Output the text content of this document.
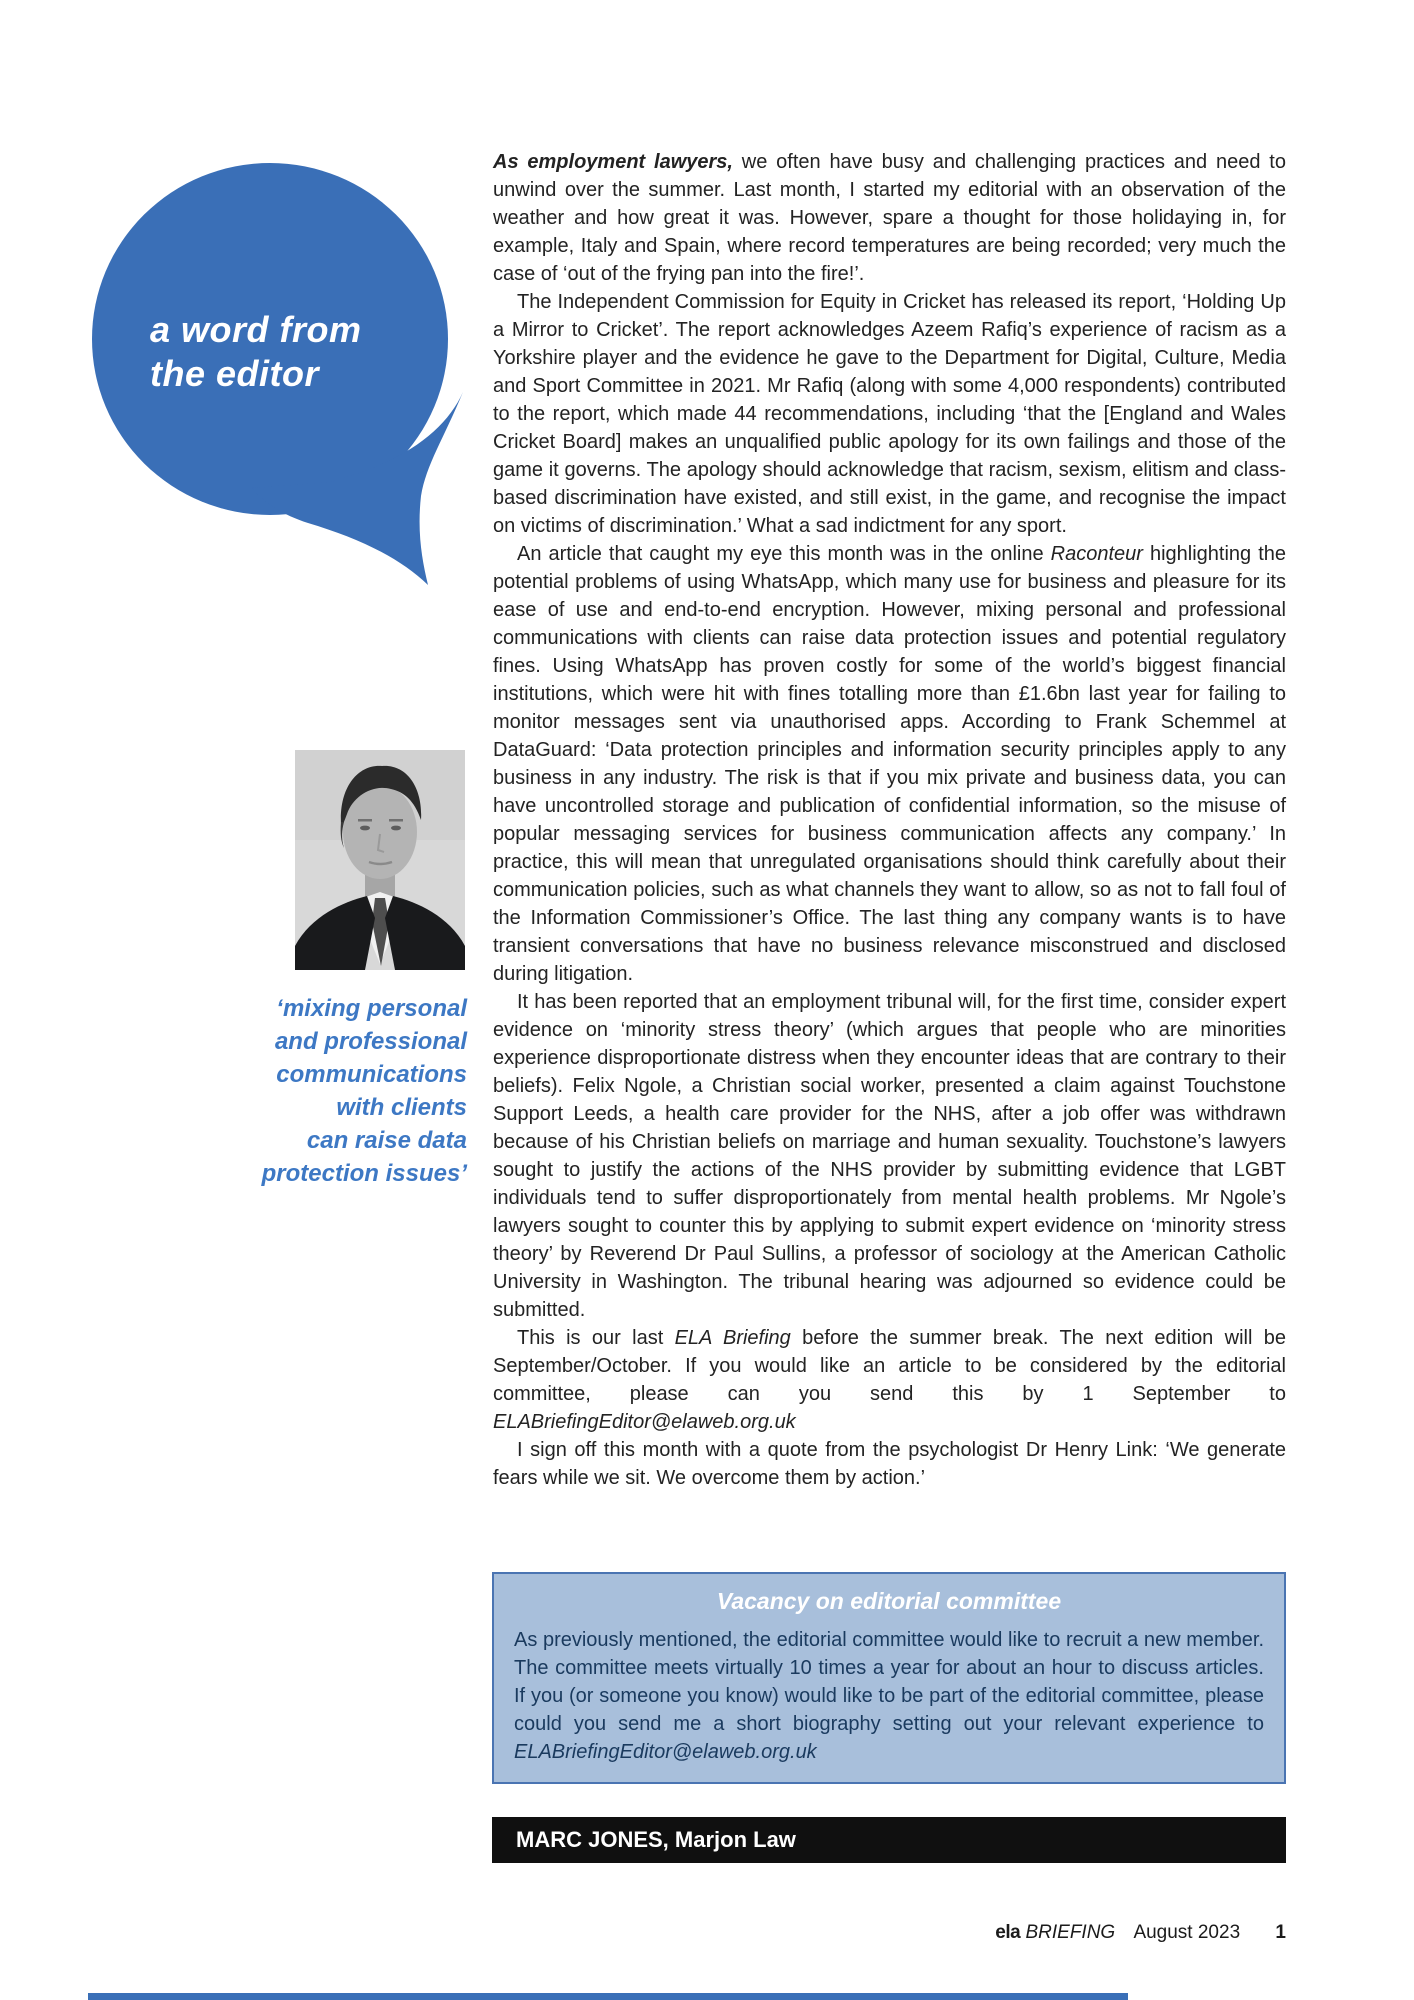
a word from
the editor
‘mixing personal
and professional
communications
with clients
can raise data
protection issues’

As employment lawyers, we often have busy and challenging practices and need to unwind over the summer. Last month, I started my editorial with an observation of the weather and how great it was. However, spare a thought for those holidaying in, for example, Italy and Spain, where record temperatures are being recorded; very much the case of ‘out of the frying pan into the fire!’.

The Independent Commission for Equity in Cricket has released its report, ‘Holding Up a Mirror to Cricket’. The report acknowledges Azeem Rafiq’s experience of racism as a Yorkshire player and the evidence he gave to the Department for Digital, Culture, Media and Sport Committee in 2021. Mr Rafiq (along with some 4,000 respondents) contributed to the report, which made 44 recommendations, including ‘that the [England and Wales Cricket Board] makes an unqualified public apology for its own failings and those of the game it governs. The apology should acknowledge that racism, sexism, elitism and class-based discrimination have existed, and still exist, in the game, and recognise the impact on victims of discrimination.’ What a sad indictment for any sport.

An article that caught my eye this month was in the online Raconteur highlighting the potential problems of using WhatsApp, which many use for business and pleasure for its ease of use and end-to-end encryption. However, mixing personal and professional communications with clients can raise data protection issues and potential regulatory fines. Using WhatsApp has proven costly for some of the world’s biggest financial institutions, which were hit with fines totalling more than £1.6bn last year for failing to monitor messages sent via unauthorised apps. According to Frank Schemmel at DataGuard: ‘Data protection principles and information security principles apply to any business in any industry. The risk is that if you mix private and business data, you can have uncontrolled storage and publication of confidential information, so the misuse of popular messaging services for business communication affects any company.’ In practice, this will mean that unregulated organisations should think carefully about their communication policies, such as what channels they want to allow, so as not to fall foul of the Information Commissioner’s Office. The last thing any company wants is to have transient conversations that have no business relevance misconstrued and disclosed during litigation.

It has been reported that an employment tribunal will, for the first time, consider expert evidence on ‘minority stress theory’ (which argues that people who are minorities experience disproportionate distress when they encounter ideas that are contrary to their beliefs). Felix Ngole, a Christian social worker, presented a claim against Touchstone Support Leeds, a health care provider for the NHS, after a job offer was withdrawn because of his Christian beliefs on marriage and human sexuality. Touchstone’s lawyers sought to justify the actions of the NHS provider by submitting evidence that LGBT individuals tend to suffer disproportionately from mental health problems. Mr Ngole’s lawyers sought to counter this by applying to submit expert evidence on ‘minority stress theory’ by Reverend Dr Paul Sullins, a professor of sociology at the American Catholic University in Washington. The tribunal hearing was adjourned so evidence could be submitted.

This is our last ELA Briefing before the summer break. The next edition will be September/October. If you would like an article to be considered by the editorial committee, please can you send this by 1 September to ELABriefingEditor@elaweb.org.uk

I sign off this month with a quote from the psychologist Dr Henry Link: ‘We generate fears while we sit. We overcome them by action.’

Vacancy on editorial committee
As previously mentioned, the editorial committee would like to recruit a new member. The committee meets virtually 10 times a year for about an hour to discuss articles. If you (or someone you know) would like to be part of the editorial committee, please could you send me a short biography setting out your relevant experience to ELABriefingEditor@elaweb.org.uk
MARC JONES, Marjon Law
ela BRIEFING August 2023 1
